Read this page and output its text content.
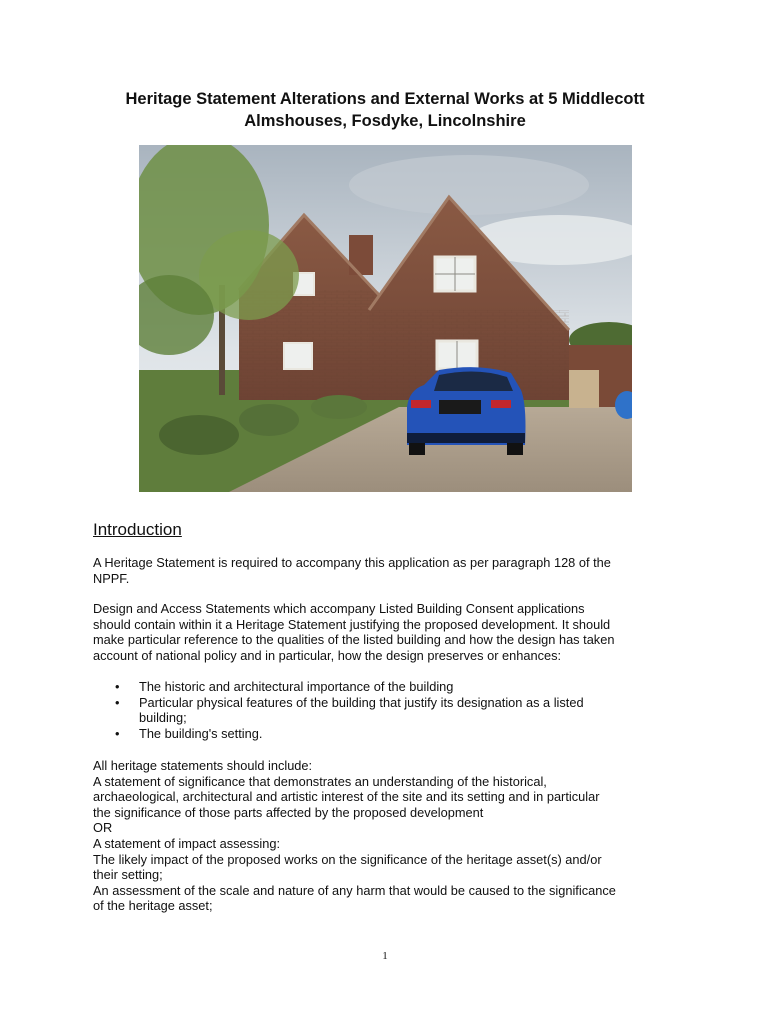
Heritage Statement Alterations and External Works at 5 Middlecott
Almshouses, Fosdyke, Lincolnshire
Introduction
A Heritage Statement is required to accompany this application as per paragraph 128 of the
NPPF.
Design and Access Statements which accompany Listed Building Consent applications
should contain within it a Heritage Statement justifying the proposed development. It should
make particular reference to the qualities of the listed building and how the design has taken
account of national policy and in particular, how the design preserves or enhances:
• The historic and architectural importance of the building
• Particular physical features of the building that justify its designation as a listed
building;
• The building's setting.
All heritage statements should include:
A statement of significance that demonstrates an understanding of the historical,
archaeological, architectural and artistic interest of the site and its setting and in particular
the significance of those parts affected by the proposed development
OR
A statement of impact assessing:
The likely impact of the proposed works on the significance of the heritage asset(s) and/or
their setting;
An assessment of the scale and nature of any harm that would be caused to the significance
of the heritage asset;
1
